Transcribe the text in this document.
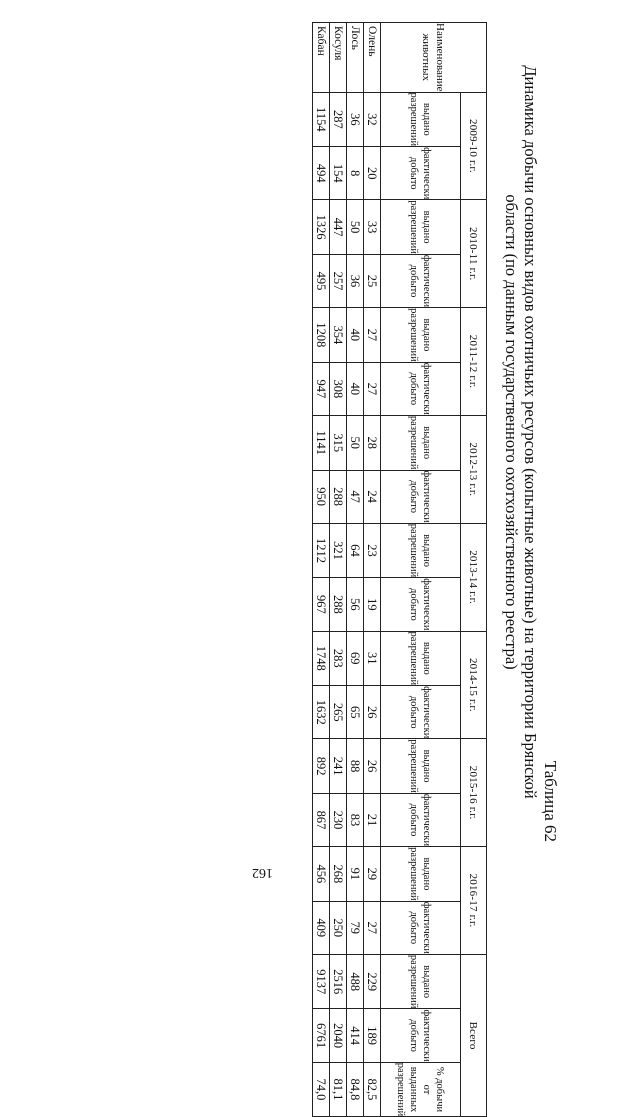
Таблица 62
Динамика добычи основных видов охотничьих ресурсов (копытные животные) на территории Брянской области (по данным государственного охотхозяйственного реестра)
Наименование животных	2009-10 г.г.		2010-11 г.г.		2011-12 г.г.		2012-13 г.г.		2013-14 г.г.		2014-15 г.г.		2015-16 г.г.		2016-17 г.г.		Всего		
	выдано разрешений	фактически добыто	выдано разрешений	фактически добыто	выдано разрешений	фактически добыто	выдано разрешений	фактически добыто	выдано разрешений	фактически добыто	выдано разрешений	фактически добыто	выдано разрешений	фактически добыто	выдано разрешений	фактически добыто	выдано разрешений	фактически добыто	% добычи от выданных разрешений
Олень	32	20	33	25	27	27	28	24	23	19	31	26	26	21	29	27	229	189	82,5
Лось	36	8	50	36	40	40	50	47	64	56	69	65	88	83	91	79	488	414	84,8
Косуля	287	154	447	257	354	308	315	288	321	288	283	265	241	230	268	250	2516	2040	81,1
Кабан	1154	494	1326	495	1208	947	1141	950	1212	967	1748	1632	892	867	456	409	9137	6761	74,0
162
